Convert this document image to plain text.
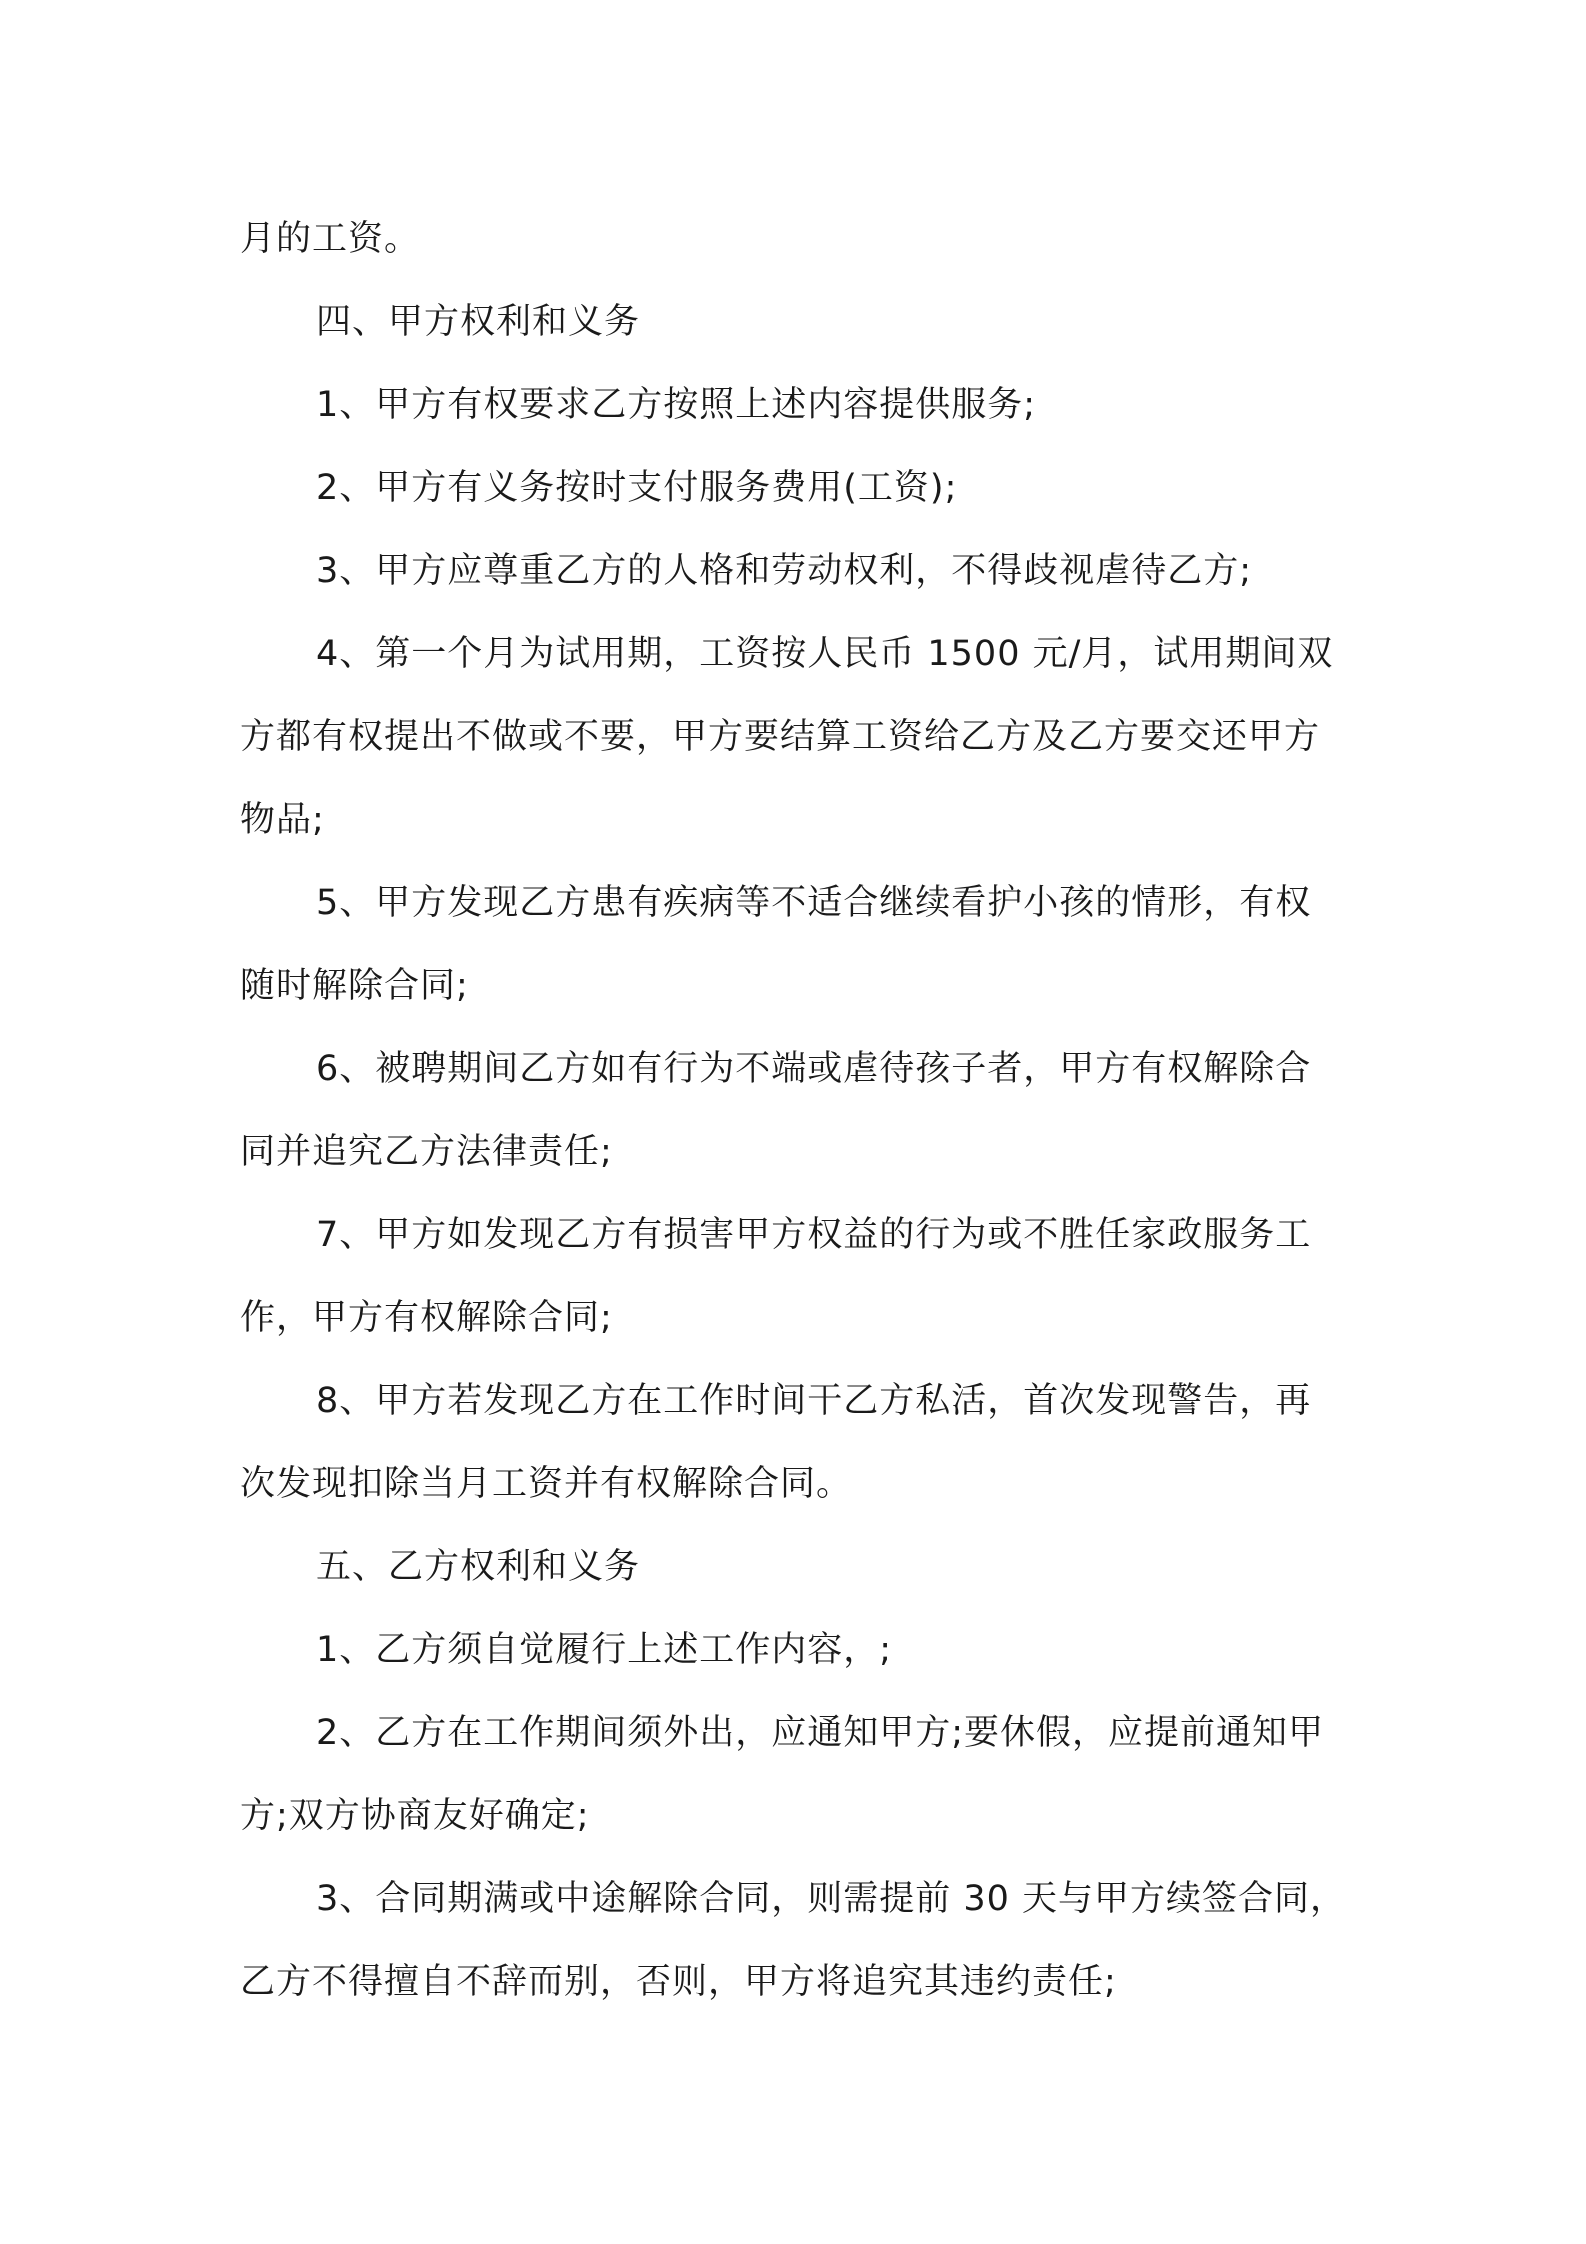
月的工资。

四、甲方权利和义务

1、甲方有权要求乙方按照上述内容提供服务;

2、甲方有义务按时支付服务费用(工资);

3、甲方应尊重乙方的人格和劳动权利，不得歧视虐待乙方;

4、第一个月为试用期，工资按人民币 1500 元/月，试用期间双

方都有权提出不做或不要，甲方要结算工资给乙方及乙方要交还甲方

物品;

5、甲方发现乙方患有疾病等不适合继续看护小孩的情形，有权

随时解除合同;

6、被聘期间乙方如有行为不端或虐待孩子者，甲方有权解除合

同并追究乙方法律责任;

7、甲方如发现乙方有损害甲方权益的行为或不胜任家政服务工

作，甲方有权解除合同;

8、甲方若发现乙方在工作时间干乙方私活，首次发现警告，再

次发现扣除当月工资并有权解除合同。

五、乙方权利和义务

1、乙方须自觉履行上述工作内容，;

2、乙方在工作期间须外出，应通知甲方;要休假，应提前通知甲

方;双方协商友好确定;

3、合同期满或中途解除合同，则需提前 30 天与甲方续签合同，

乙方不得擅自不辞而别，否则，甲方将追究其违约责任;
